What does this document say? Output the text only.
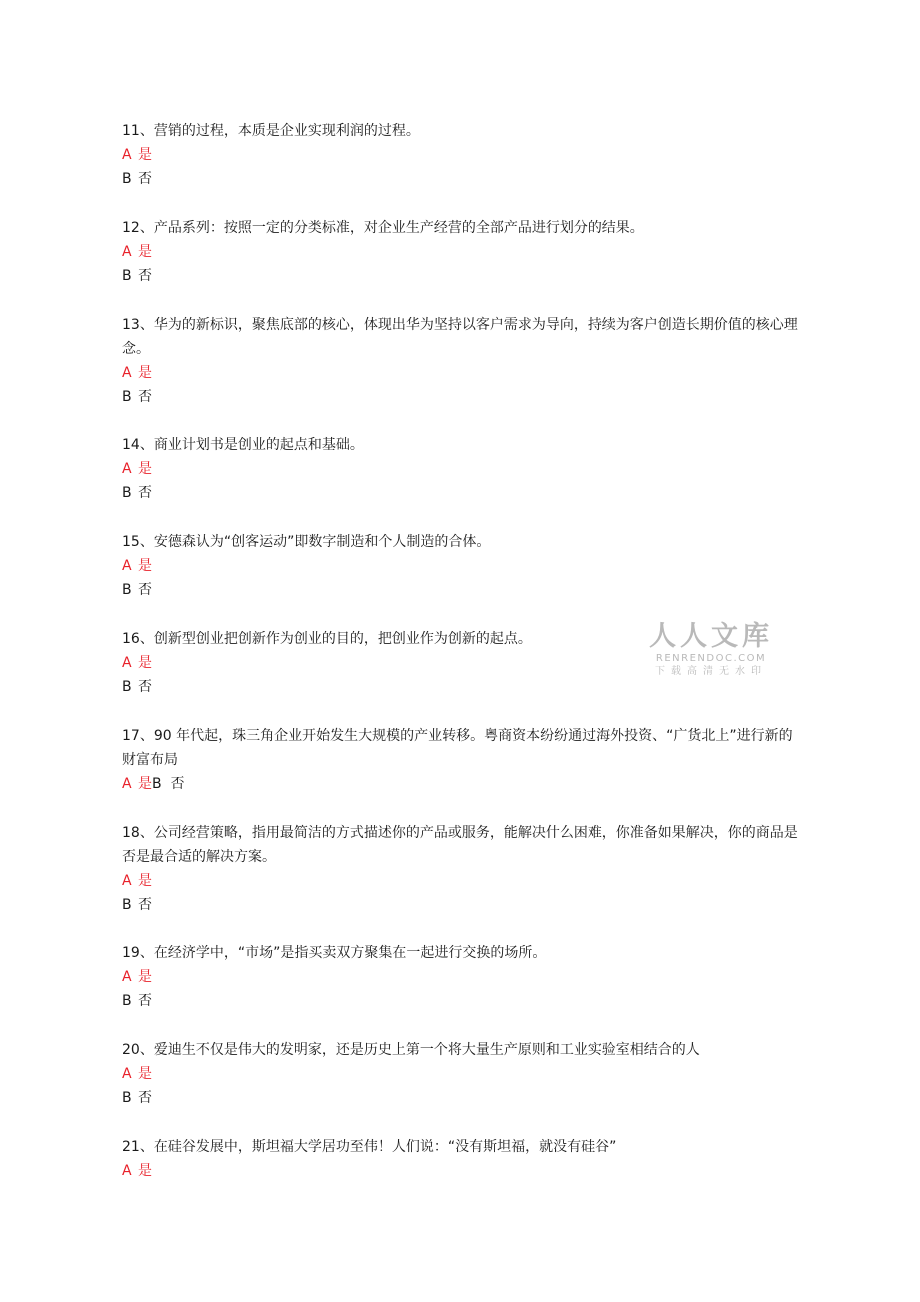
11、营销的过程，本质是企业实现利润的过程。
A 是
B 否
12、产品系列：按照一定的分类标准，对企业生产经营的全部产品进行划分的结果。
A 是
B 否
13、华为的新标识，聚焦底部的核心，体现出华为坚持以客户需求为导向，持续为客户创造长期价值的核心理念。
A 是
B 否
14、商业计划书是创业的起点和基础。
A 是
B 否
15、安德森认为“创客运动”即数字制造和个人制造的合体。
A 是
B 否
16、创新型创业把创新作为创业的目的，把创业作为创新的起点。
A 是
B 否
17、90 年代起，珠三角企业开始发生大规模的产业转移。粤商资本纷纷通过海外投资、“广货北上”进行新的财富布局
A 是B 否
18、公司经营策略，指用最简洁的方式描述你的产品或服务，能解决什么困难，你准备如果解决，你的商品是否是最合适的解决方案。
A 是
B 否
19、在经济学中，“市场”是指买卖双方聚集在一起进行交换的场所。
A 是
B 否
20、爱迪生不仅是伟大的发明家，还是历史上第一个将大量生产原则和工业实验室相结合的人
A 是
B 否
21、在硅谷发展中，斯坦福大学居功至伟！人们说：“没有斯坦福，就没有硅谷”
A 是
人人文库
RENRENDOC.COM
下载高清无水印
